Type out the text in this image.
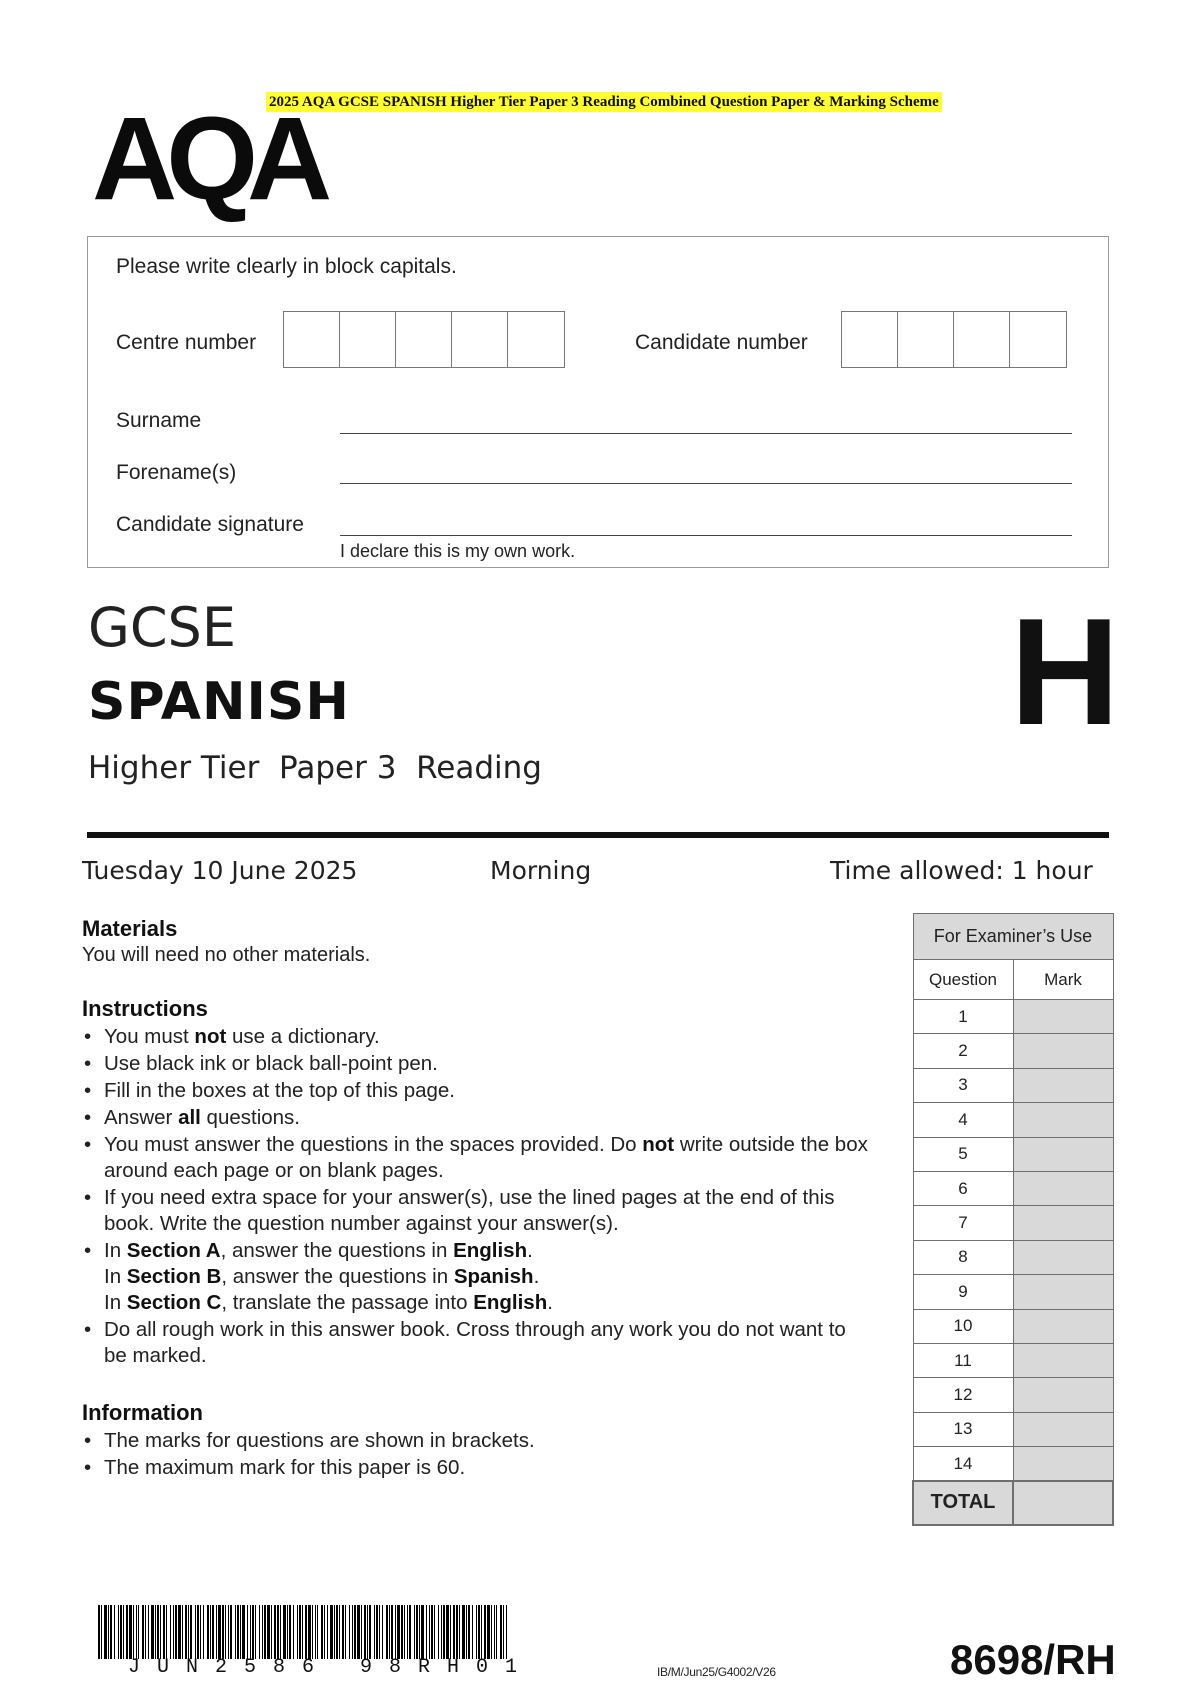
2025 AQA GCSE SPANISH Higher Tier Paper 3 Reading Combined Question Paper & Marking Scheme
AQA
Please write clearly in block capitals.
Centre number	Candidate number
Surname
Forename(s)
Candidate signature
I declare this is my own work.
GCSE
SPANISH
Higher Tier  Paper 3  Reading
H
Tuesday 10 June 2025	Morning	Time allowed: 1 hour
Materials
You will need no other materials.
Instructions
• You must not use a dictionary.
• Use black ink or black ball-point pen.
• Fill in the boxes at the top of this page.
• Answer all questions.
• You must answer the questions in the spaces provided. Do not write outside the box around each page or on blank pages.
• If you need extra space for your answer(s), use the lined pages at the end of this book. Write the question number against your answer(s).
• In Section A, answer the questions in English.
In Section B, answer the questions in Spanish.
In Section C, translate the passage into English.
• Do all rough work in this answer book. Cross through any work you do not want to be marked.
Information
• The marks for questions are shown in brackets.
• The maximum mark for this paper is 60.
For Examiner’s Use	
Question	Mark
1	
2	
3	
4	
5	
6	
7	
8	
9	
10	
11	
12	
13	
14	
TOTAL	
JUN2586 98RH01	IB/M/Jun25/G4002/V26	8698/RH
